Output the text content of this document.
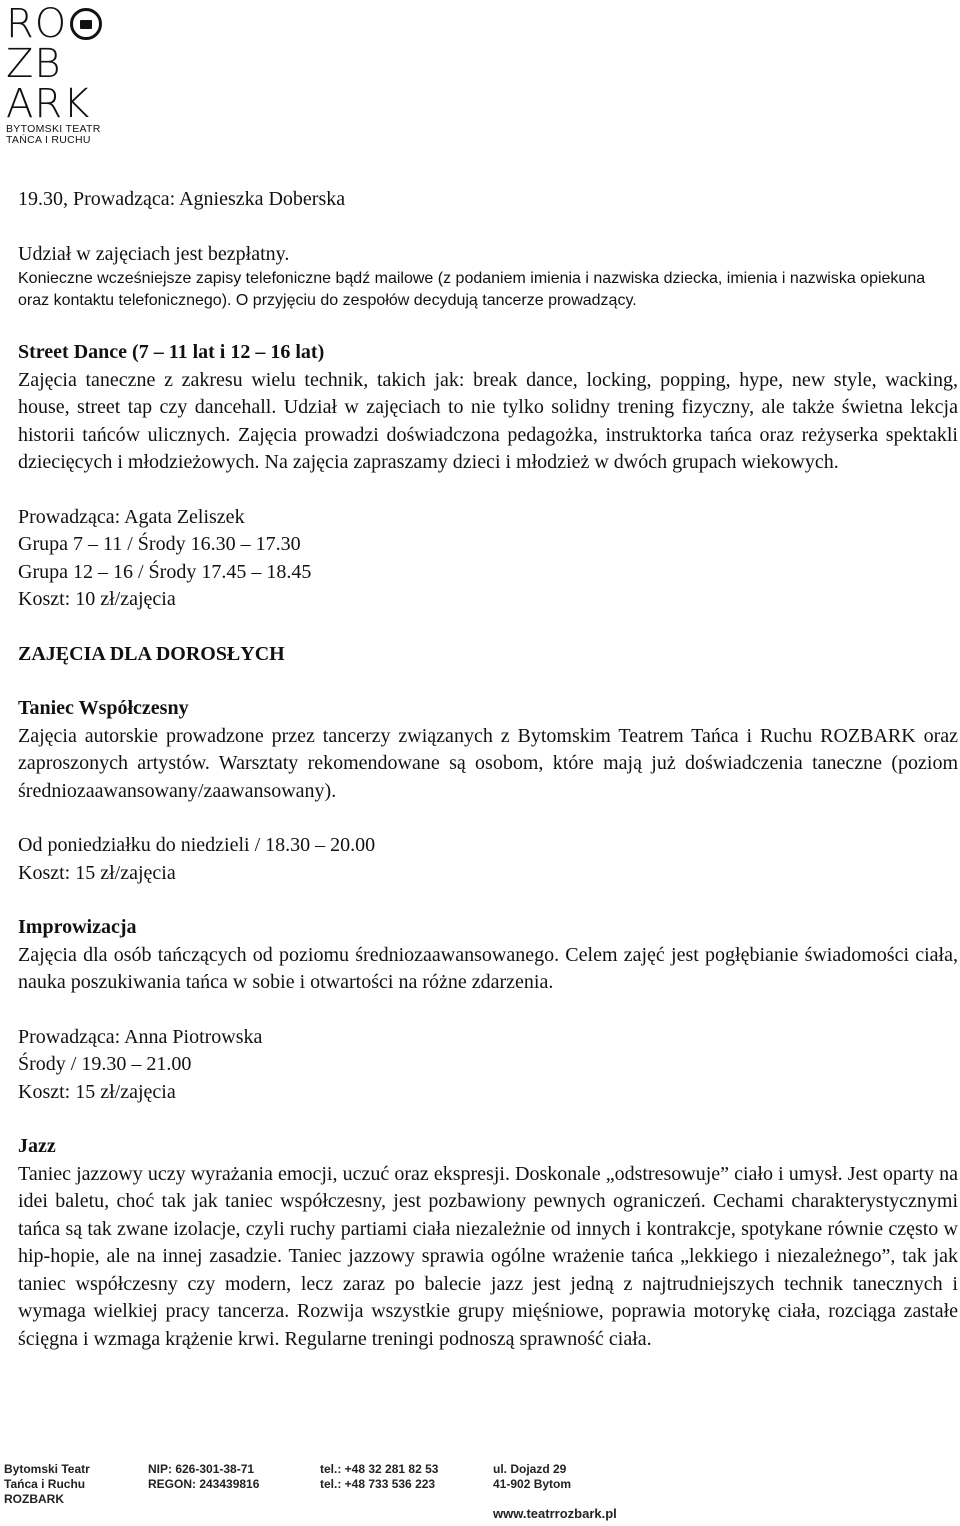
RO
ZB
ARK
BYTOMSKI TEATR
TAŃCA I RUCHU

19.30, Prowadząca: Agnieszka Doberska

Udział w zajęciach jest bezpłatny.

Konieczne wcześniejsze zapisy telefoniczne bądź mailowe (z podaniem imienia i nazwiska dziecka, imienia i nazwiska opiekuna oraz kontaktu telefonicznego). O przyjęciu do zespołów decydują tancerze prowadzący.

Street Dance (7 – 11 lat i 12 – 16 lat)

Zajęcia taneczne z zakresu wielu technik, takich jak: break dance, locking, popping, hype, new style, wacking, house, street tap czy dancehall. Udział w zajęciach to nie tylko solidny trening fizyczny, ale także świetna lekcja historii tańców ulicznych. Zajęcia prowadzi doświadczona pedagożka, instruktorka tańca oraz reżyserka spektakli dziecięcych i młodzieżowych. Na zajęcia zapraszamy dzieci i młodzież w dwóch grupach wiekowych.

Prowadząca: Agata Zeliszek

Grupa 7 – 11 / Środy 16.30 – 17.30

Grupa 12 – 16 / Środy 17.45 – 18.45

Koszt: 10 zł/zajęcia

ZAJĘCIA DLA DOROSŁYCH

Taniec Współczesny

Zajęcia autorskie prowadzone przez tancerzy związanych z Bytomskim Teatrem Tańca i Ruchu ROZBARK oraz zaproszonych artystów. Warsztaty rekomendowane są osobom, które mają już doświadczenia taneczne (poziom średniozaawansowany/zaawansowany).

Od poniedziałku do niedzieli / 18.30 – 20.00

Koszt: 15 zł/zajęcia

Improwizacja

Zajęcia dla osób tańczących od poziomu średniozaawansowanego. Celem zajęć jest pogłębianie świadomości ciała, nauka poszukiwania tańca w sobie i otwartości na różne zdarzenia.

Prowadząca: Anna Piotrowska

Środy / 19.30 – 21.00

Koszt: 15 zł/zajęcia

Jazz

Taniec jazzowy uczy wyrażania emocji, uczuć oraz ekspresji. Doskonale „odstresowuje” ciało i umysł. Jest oparty na idei baletu, choć tak jak taniec współczesny, jest pozbawiony pewnych ograniczeń. Cechami charakterystycznymi tańca są tak zwane izolacje, czyli ruchy partiami ciała niezależnie od innych i kontrakcje, spotykane równie często w hip-hopie, ale na innej zasadzie. Taniec jazzowy sprawia ogólne wrażenie tańca „lekkiego i niezależnego”, tak jak taniec współczesny czy modern, lecz zaraz po balecie jazz jest jedną z najtrudniejszych technik tanecznych i wymaga wielkiej pracy tancerza. Rozwija wszystkie grupy mięśniowe, poprawia motorykę ciała, rozciąga zastałe ścięgna i wzmaga krążenie krwi. Regularne treningi podnoszą sprawność ciała.

Bytomski Teatr
Tańca i Ruchu
ROZBARK
NIP: 626-301-38-71
REGON: 243439816
tel.: +48 32 281 82 53
tel.: +48 733 536 223
ul. Dojazd 29
41-902 Bytom
www.teatrrozbark.pl
